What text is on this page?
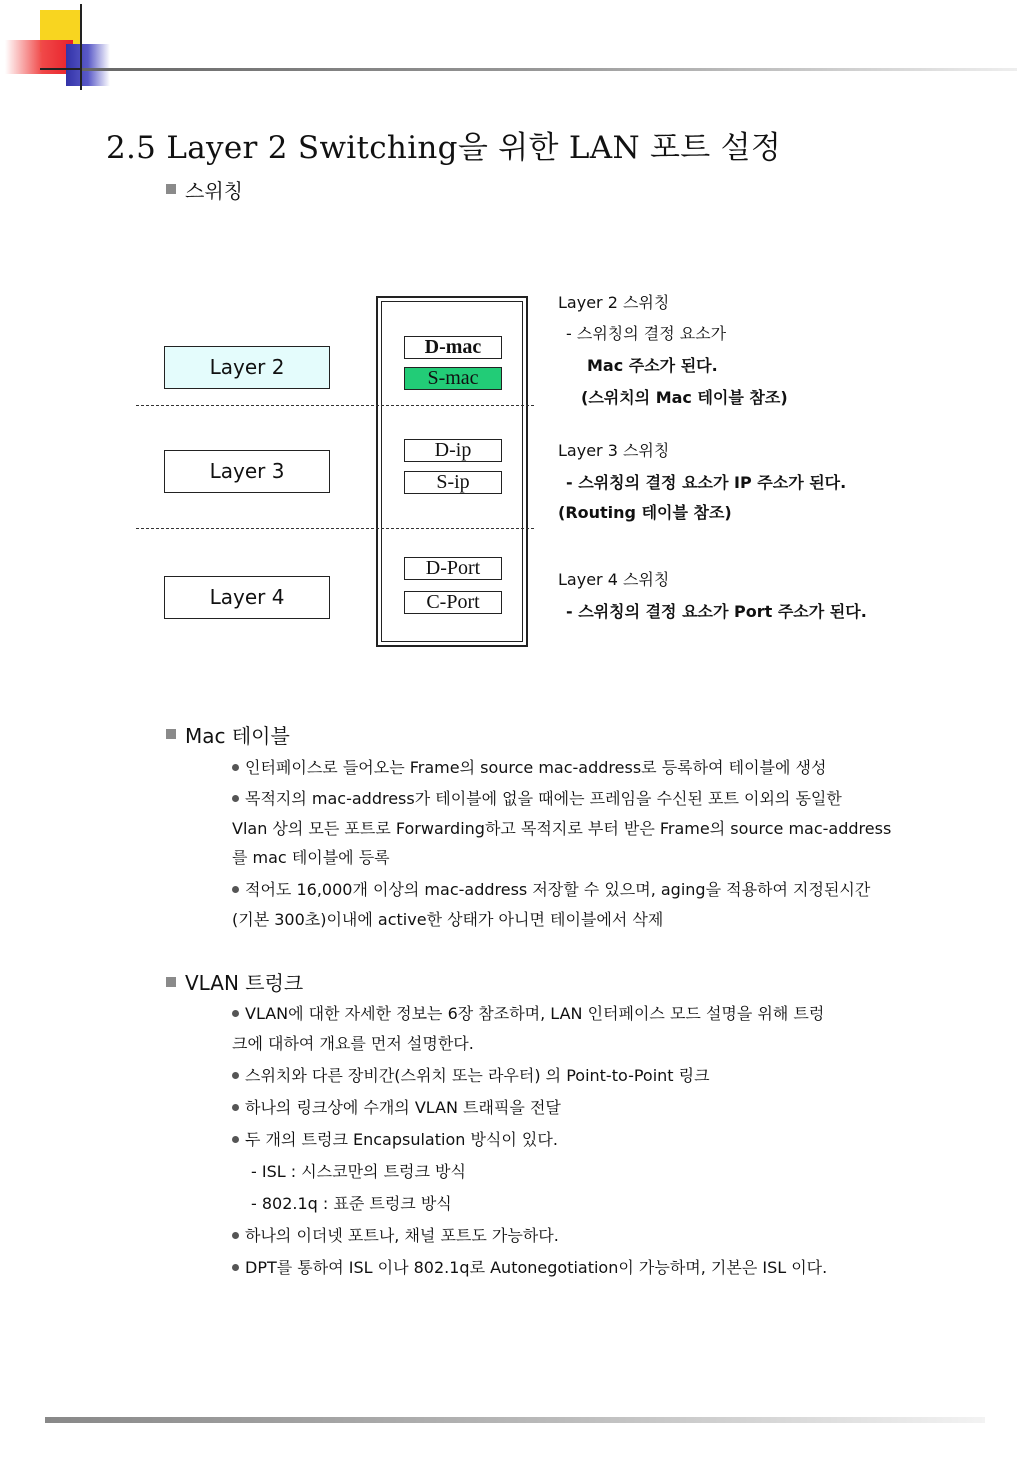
2.5 Layer 2 Switching을 위한 LAN 포트 설정
스위칭
Layer 2
Layer 3
Layer 4
D-mac
S-mac
D-ip
S-ip
D-Port
C-Port
Layer 2 스위칭
- 스위칭의 결정 요소가
Mac 주소가 된다.
(스위치의 Mac 테이블 참조)
Layer 3 스위칭
- 스위칭의 결정 요소가 IP 주소가 된다.
(Routing 테이블 참조)
Layer 4 스위칭
- 스위칭의 결정 요소가 Port 주소가 된다.
Mac 테이블
인터페이스로 들어오는 Frame의 source mac-address로 등록하여 테이블에 생성
목적지의 mac-address가 테이블에 없을 때에는 프레임을 수신된 포트 이외의 동일한
Vlan 상의 모든 포트로 Forwarding하고 목적지로 부터 받은 Frame의 source mac-address
를 mac 테이블에 등록
적어도 16,000개 이상의 mac-address 저장할 수 있으며, aging을 적용하여 지정된시간
(기본 300초)이내에 active한 상태가 아니면 테이블에서 삭제
VLAN 트렁크
VLAN에 대한 자세한 정보는 6장 참조하며, LAN 인터페이스 모드 설명을 위해 트렁
크에 대하여 개요를 먼저 설명한다.
스위치와 다른 장비간(스위치 또는 라우터) 의 Point-to-Point 링크
하나의 링크상에 수개의 VLAN 트래픽을 전달
두 개의 트렁크 Encapsulation 방식이 있다.
- ISL : 시스코만의 트렁크 방식
- 802.1q : 표준 트렁크 방식
하나의 이더넷 포트나, 채널 포트도 가능하다.
DPT를 통하여 ISL 이나 802.1q로 Autonegotiation이 가능하며, 기본은 ISL 이다.
